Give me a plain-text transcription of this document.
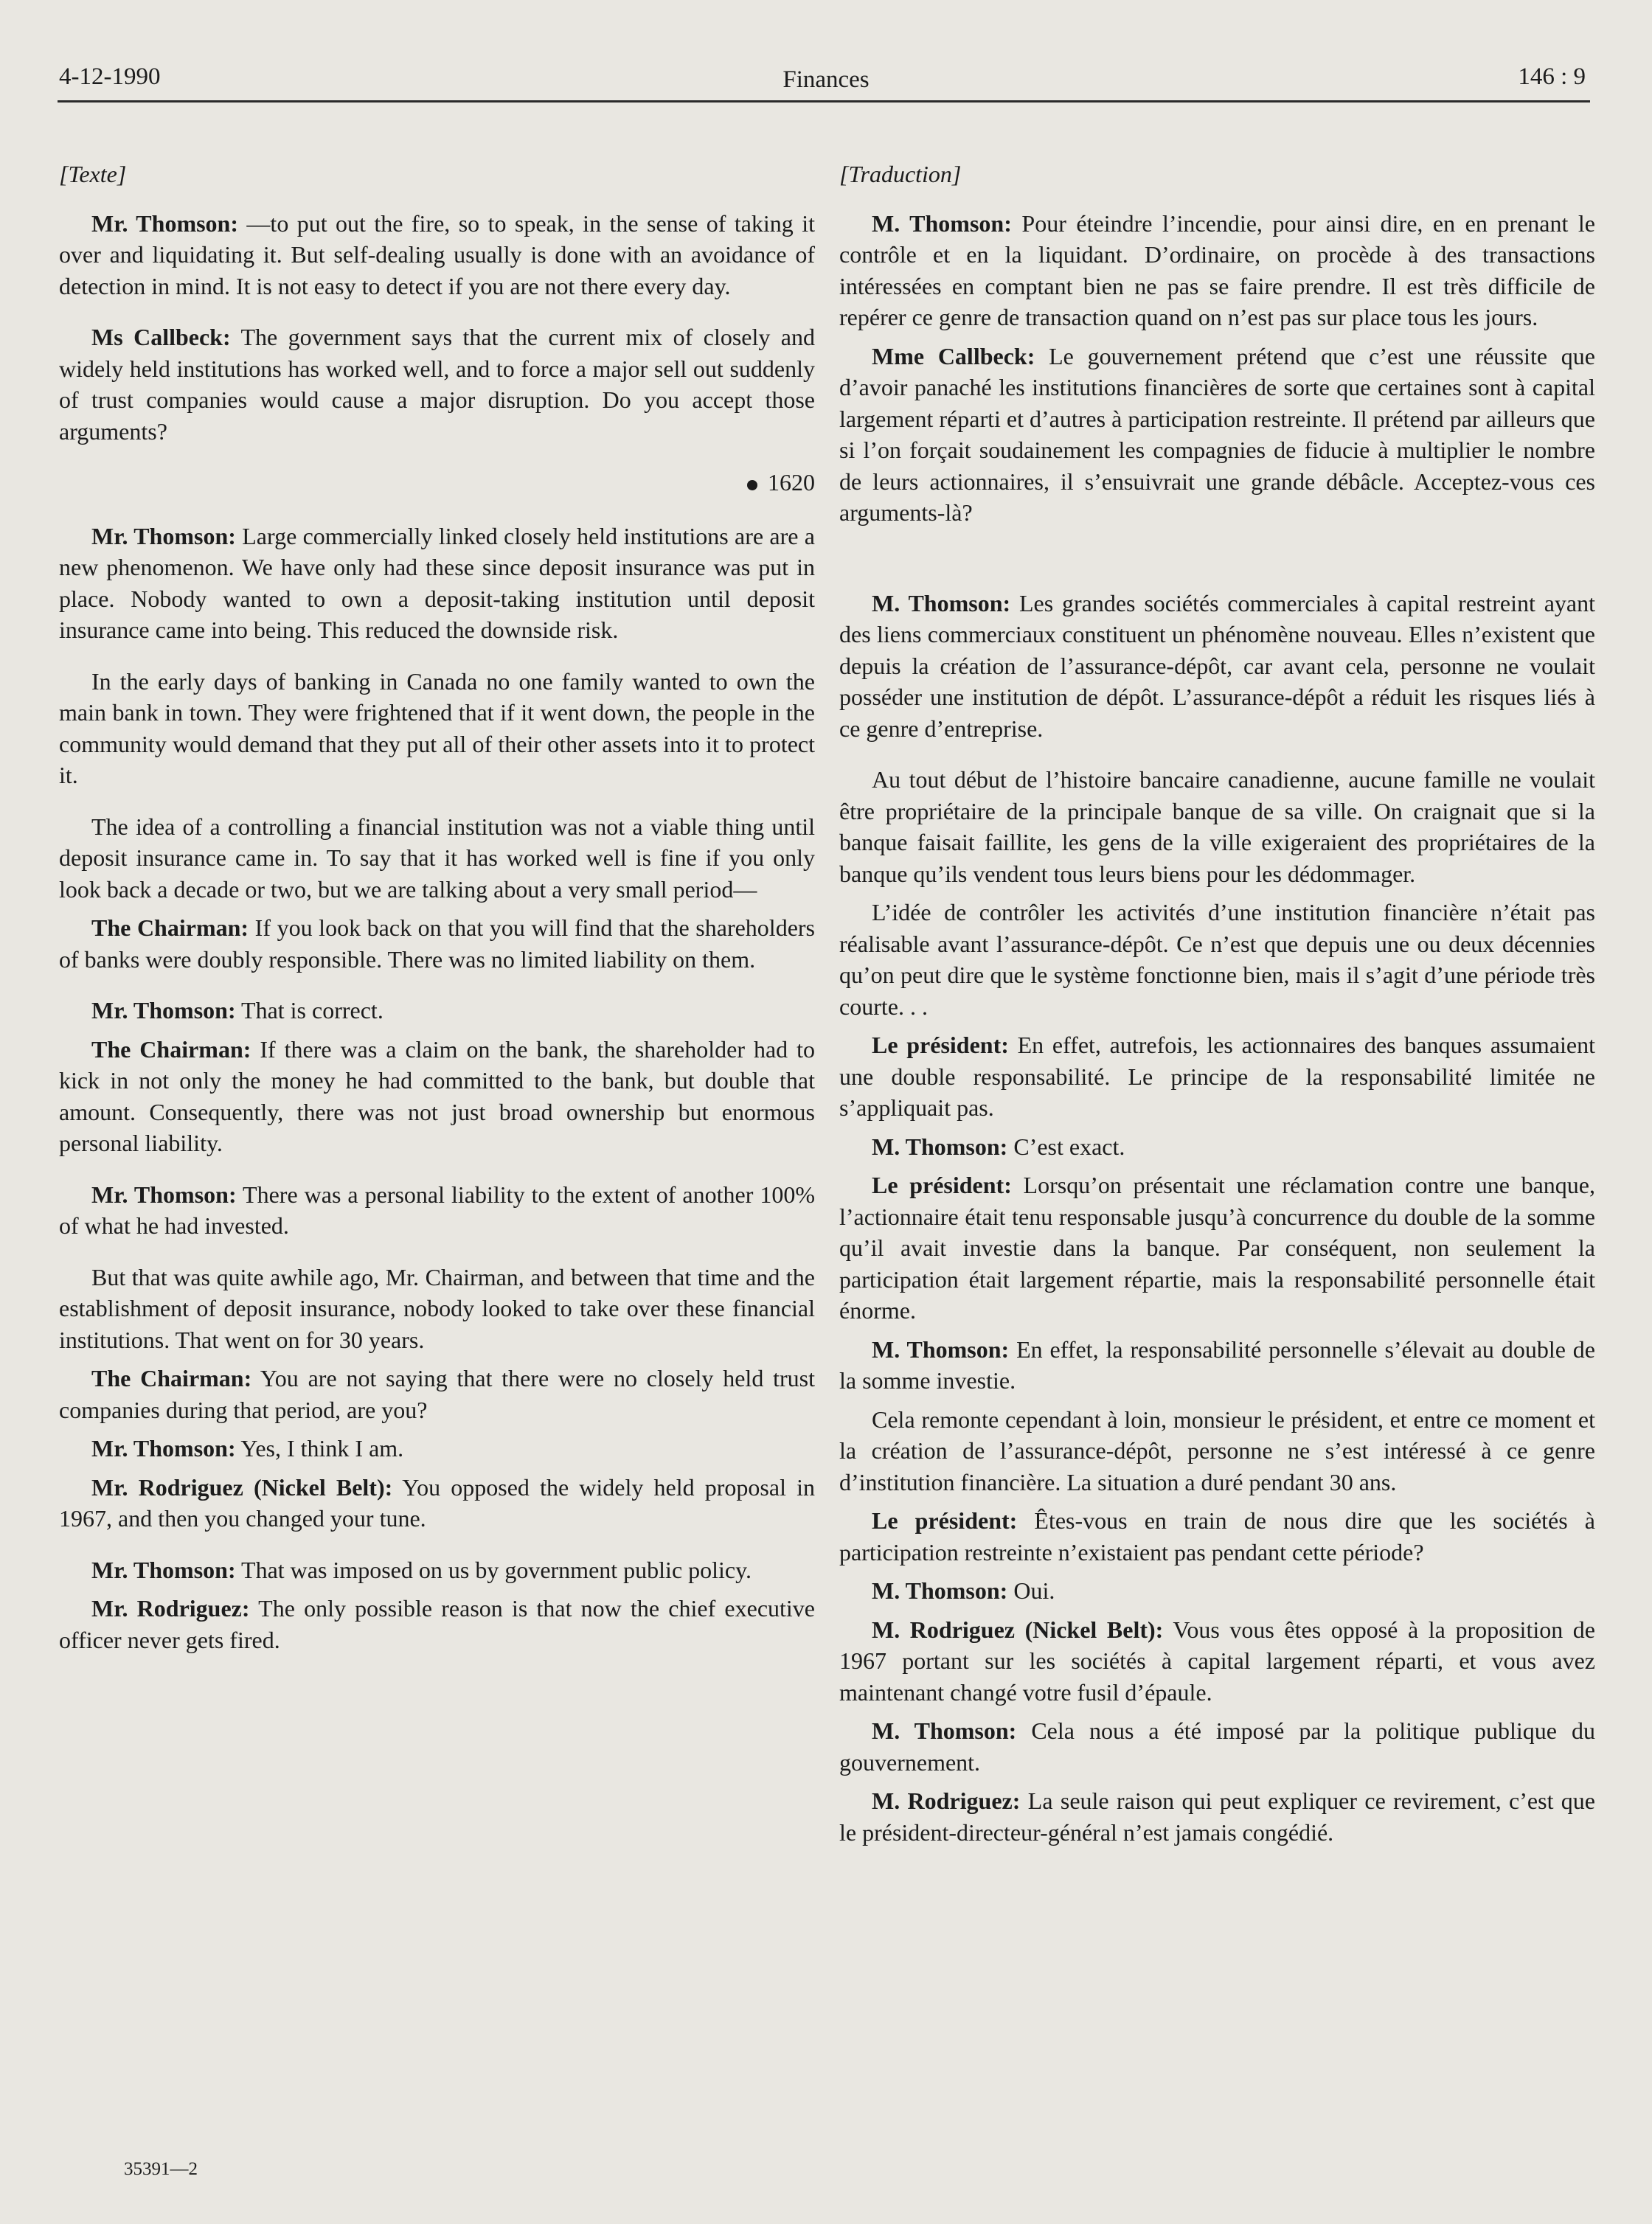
4-12-1990	Finances	146 : 9

[Texte]

Mr. Thomson: —to put out the fire, so to speak, in the sense of taking it over and liquidating it. But self-dealing usually is done with an avoidance of detection in mind. It is not easy to detect if you are not there every day.

Ms Callbeck: The government says that the current mix of closely and widely held institutions has worked well, and to force a major sell out suddenly of trust companies would cause a major disruption. Do you accept those arguments?

1620

Mr. Thomson: Large commercially linked closely held institutions are are a new phenomenon. We have only had these since deposit insurance was put in place. Nobody wanted to own a deposit-taking institution until deposit insurance came into being. This reduced the downside risk.

In the early days of banking in Canada no one family wanted to own the main bank in town. They were frightened that if it went down, the people in the community would demand that they put all of their other assets into it to protect it.

The idea of a controlling a financial institution was not a viable thing until deposit insurance came in. To say that it has worked well is fine if you only look back a decade or two, but we are talking about a very small period—

The Chairman: If you look back on that you will find that the shareholders of banks were doubly responsible. There was no limited liability on them.

Mr. Thomson: That is correct.

The Chairman: If there was a claim on the bank, the shareholder had to kick in not only the money he had committed to the bank, but double that amount. Consequently, there was not just broad ownership but enormous personal liability.

Mr. Thomson: There was a personal liability to the extent of another 100% of what he had invested.

But that was quite awhile ago, Mr. Chairman, and between that time and the establishment of deposit insurance, nobody looked to take over these financial institutions. That went on for 30 years.

The Chairman: You are not saying that there were no closely held trust companies during that period, are you?

Mr. Thomson: Yes, I think I am.

Mr. Rodriguez (Nickel Belt): You opposed the widely held proposal in 1967, and then you changed your tune.

Mr. Thomson: That was imposed on us by government public policy.

Mr. Rodriguez: The only possible reason is that now the chief executive officer never gets fired.

[Traduction]

M. Thomson: Pour éteindre l’incendie, pour ainsi dire, en en prenant le contrôle et en la liquidant. D’ordinaire, on procède à des transactions intéressées en comptant bien ne pas se faire prendre. Il est très difficile de repérer ce genre de transaction quand on n’est pas sur place tous les jours.

Mme Callbeck: Le gouvernement prétend que c’est une réussite que d’avoir panaché les institutions financières de sorte que certaines sont à capital largement réparti et d’autres à participation restreinte. Il prétend par ailleurs que si l’on forçait soudainement les compagnies de fiducie à multiplier le nombre de leurs actionnaires, il s’ensuivrait une grande débâcle. Acceptez-vous ces arguments-là?

M. Thomson: Les grandes sociétés commerciales à capital restreint ayant des liens commerciaux constituent un phénomène nouveau. Elles n’existent que depuis la création de l’assurance-dépôt, car avant cela, personne ne voulait posséder une institution de dépôt. L’assurance-dépôt a réduit les risques liés à ce genre d’entreprise.

Au tout début de l’histoire bancaire canadienne, aucune famille ne voulait être propriétaire de la principale banque de sa ville. On craignait que si la banque faisait faillite, les gens de la ville exigeraient des propriétaires de la banque qu’ils vendent tous leurs biens pour les dédommager.

L’idée de contrôler les activités d’une institution financière n’était pas réalisable avant l’assurance-dépôt. Ce n’est que depuis une ou deux décennies qu’on peut dire que le système fonctionne bien, mais il s’agit d’une période très courte. . .

Le président: En effet, autrefois, les actionnaires des banques assumaient une double responsabilité. Le principe de la responsabilité limitée ne s’appliquait pas.

M. Thomson: C’est exact.

Le président: Lorsqu’on présentait une réclamation contre une banque, l’actionnaire était tenu responsable jusqu’à concurrence du double de la somme qu’il avait investie dans la banque. Par conséquent, non seulement la participation était largement répartie, mais la responsabilité personnelle était énorme.

M. Thomson: En effet, la responsabilité personnelle s’élevait au double de la somme investie.

Cela remonte cependant à loin, monsieur le président, et entre ce moment et la création de l’assurance-dépôt, personne ne s’est intéressé à ce genre d’institution financière. La situation a duré pendant 30 ans.

Le président: Êtes-vous en train de nous dire que les sociétés à participation restreinte n’existaient pas pendant cette période?

M. Thomson: Oui.

M. Rodriguez (Nickel Belt): Vous vous êtes opposé à la proposition de 1967 portant sur les sociétés à capital largement réparti, et vous avez maintenant changé votre fusil d’épaule.

M. Thomson: Cela nous a été imposé par la politique publique du gouvernement.

M. Rodriguez: La seule raison qui peut expliquer ce revirement, c’est que le président-directeur-général n’est jamais congédié.

35391—2
